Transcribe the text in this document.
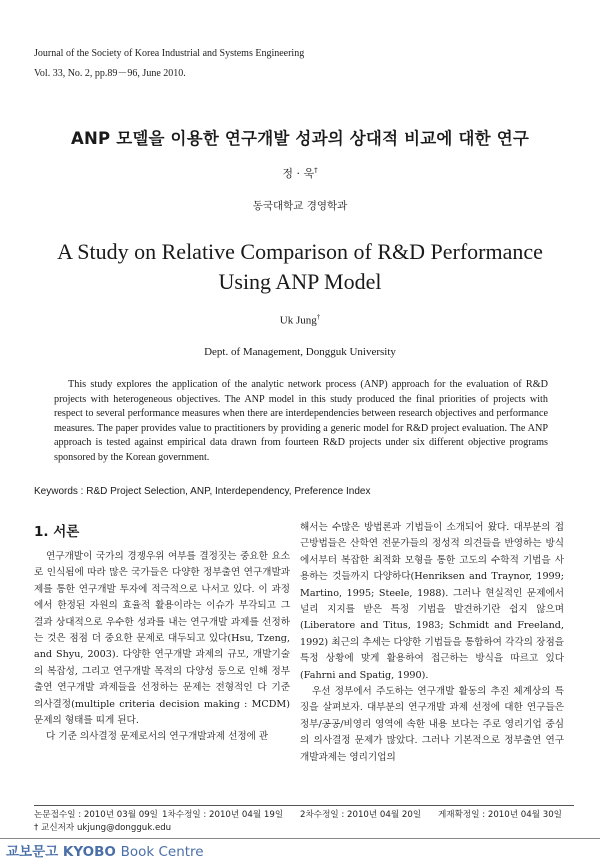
Journal of the Society of Korea Industrial and Systems Engineering
Vol. 33, No. 2, pp.89－96, June 2010.
ANP 모델을 이용한 연구개발 성과의 상대적 비교에 대한 연구
정 · 욱†
동국대학교 경영학과
A Study on Relative Comparison of R&D Performance
Using ANP Model
Uk Jung†
Dept. of Management, Dongguk University
This study explores the application of the analytic network process (ANP) approach for the evaluation of R&D projects with heterogeneous objectives. The ANP model in this study produced the final priorities of projects with respect to several performance measures when there are interdependencies between research objectives and performance measures. The paper provides value to practitioners by providing a generic model for R&D project evaluation. The ANP approach is tested against empirical data drawn from fourteen R&D projects under six different objective programs sponsored by the Korean government.
Keywords : R&D Project Selection, ANP, Interdependency, Preference Index
1. 서론

연구개발이 국가의 경쟁우위 여부를 결정짓는 중요한 요소로 인식됨에 따라 많은 국가들은 다양한 정부출연 연구개발과제를 통한 연구개발 투자에 적극적으로 나서고 있다. 이 과정에서 한정된 자원의 효율적 활용이라는 이슈가 부각되고 그 결과 상대적으로 우수한 성과를 내는 연구개발 과제를 선정하는 것은 점점 더 중요한 문제로 대두되고 있다(Hsu, Tzeng, and Shyu, 2003). 다양한 연구개발 과제의 규모, 개발기술의 복잡성, 그리고 연구개발 목적의 다양성 등으로 인해 정부출연 연구개발 과제들을 선정하는 문제는 전형적인 다 기준 의사결정(multiple criteria decision making : MCDM) 문제의 형태를 띠게 된다.

다 기준 의사결정 문제로서의 연구개발과제 선정에 관

해서는 수많은 방법론과 기법들이 소개되어 왔다. 대부분의 접근방법들은 산학연 전문가들의 정성적 의견들을 반영하는 방식에서부터 복잡한 최적화 모형을 통한 고도의 수학적 기법을 사용하는 것들까지 다양하다(Henriksen and Traynor, 1999; Martino, 1995; Steele, 1988). 그러나 현실적인 문제에서 널리 지지를 받은 특정 기법을 발견하기란 쉽지 않으며(Liberatore and Titus, 1983; Schmidt and Freeland, 1992) 최근의 추세는 다양한 기법들을 통합하여 각각의 장점을 특정 상황에 맞게 활용하여 접근하는 방식을 따르고 있다(Fahrni and Spatig, 1990).

우선 정부에서 주도하는 연구개발 활동의 추진 체계상의 특징을 살펴보자. 대부분의 연구개발 과제 선정에 대한 연구들은 정부/공공/비영리 영역에 속한 내용 보다는 주로 영리기업 중심의 의사결정 문제가 많았다. 그러나 기본적으로 정부출연 연구개발과제는 영리기업의

논문접수일 : 2010년 03월 09일 1차수정일 : 2010년 04월 19일 2차수정일 : 2010년 04월 20일 게재확정일 : 2010년 04월 30일
† 교신저자 ukjung@dongguk.edu
교보문고 KYOBO Book Centre
